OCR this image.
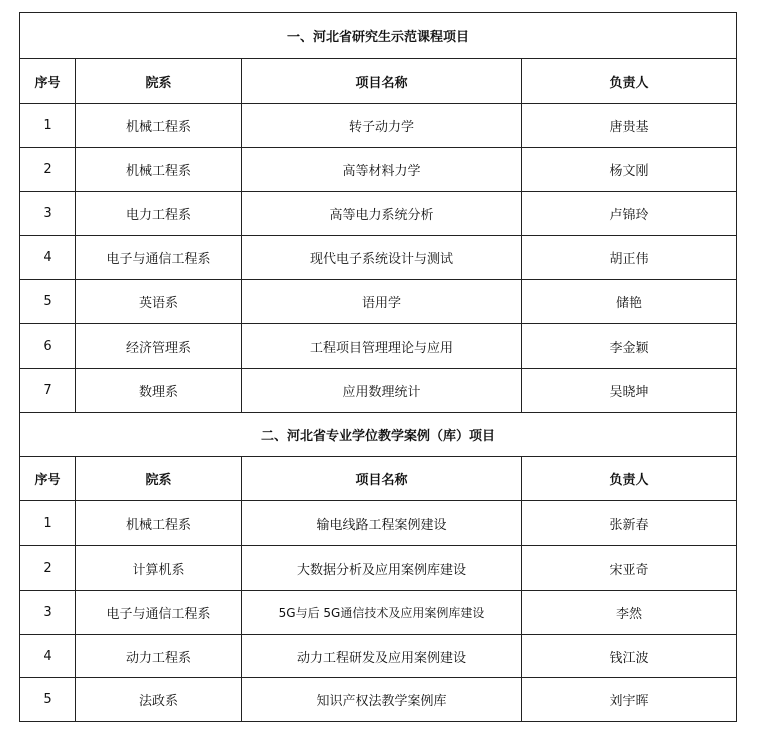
一、河北省研究生示范课程项目			
序号	院系	项目名称	负责人
1	机械工程系	转子动力学	唐贵基
2	机械工程系	高等材料力学	杨文刚
3	电力工程系	高等电力系统分析	卢锦玲
4	电子与通信工程系	现代电子系统设计与测试	胡正伟
5	英语系	语用学	储艳
6	经济管理系	工程项目管理理论与应用	李金颖
7	数理系	应用数理统计	吴晓坤
二、河北省专业学位教学案例（库）项目			
序号	院系	项目名称	负责人
1	机械工程系	输电线路工程案例建设	张新春
2	计算机系	大数据分析及应用案例库建设	宋亚奇
3	电子与通信工程系	5G与后 5G通信技术及应用案例库建设	李然
4	动力工程系	动力工程研发及应用案例建设	钱江波
5	法政系	知识产权法教学案例库	刘宇晖
